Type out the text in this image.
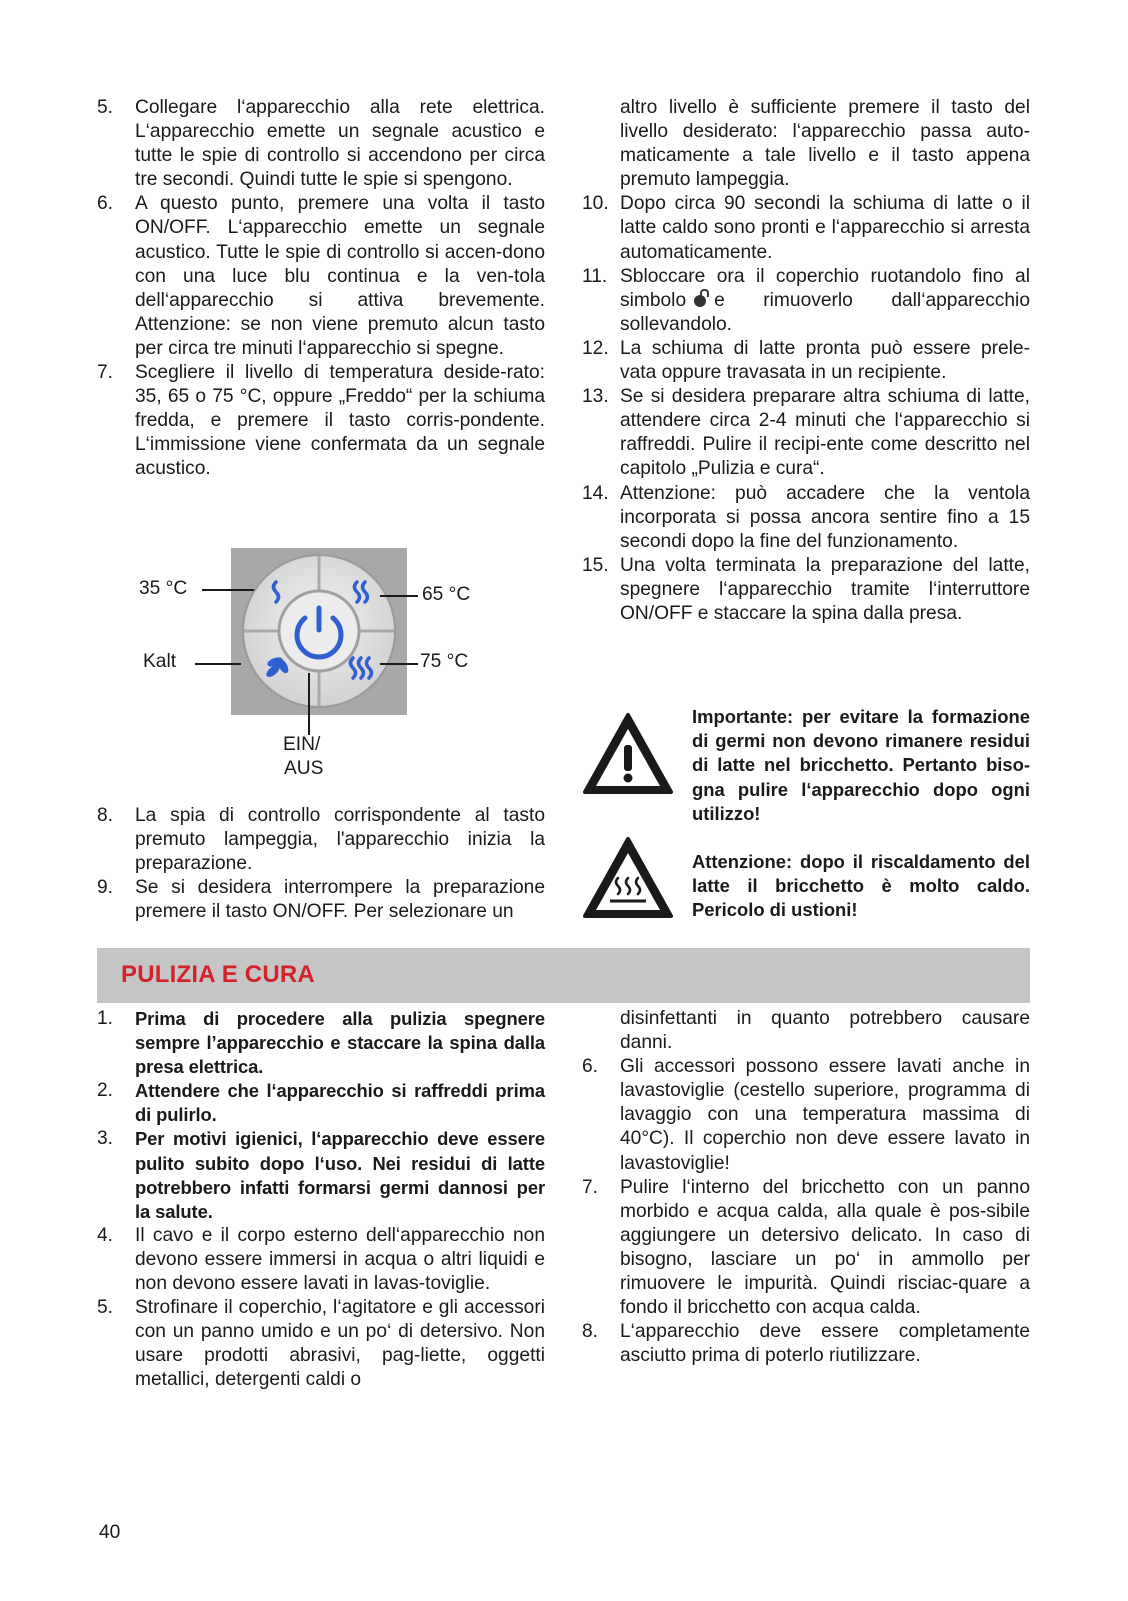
5.	Collegare l‘apparecchio alla rete elettrica. L‘apparecchio emette un segnale acustico e tutte le spie di controllo si accendono per circa tre secondi. Quindi tutte le spie si spengono.
6.	A questo punto, premere una volta il tasto ON/OFF. L‘apparecchio emette un segnale acustico. Tutte le spie di controllo si accen-dono con una luce blu continua e la ven-tola dell‘apparecchio si attiva brevemente. Attenzione: se non viene premuto alcun tasto per circa tre minuti l‘apparecchio si spegne.
7.	Scegliere il livello di temperatura deside-rato: 35, 65 o 75 °C, oppure „Freddo“ per la schiuma fredda, e premere il tasto corris-pondente. L‘immissione viene confermata da un segnale acustico.
35 °C	65 °C
Kalt	75 °C
EIN/
AUS
8.	La spia di controllo corrispondente al tasto premuto lampeggia, l'apparecchio inizia la preparazione.
9.	Se si desidera interrompere la preparazione premere il tasto ON/OFF. Per selezionare un
altro livello è sufficiente premere il tasto del livello desiderato: l‘apparecchio passa auto-maticamente a tale livello e il tasto appena premuto lampeggia.
10. Dopo circa 90 secondi la schiuma di latte o il latte caldo sono pronti e l‘apparecchio si arresta automaticamente.
11. Sbloccare ora il coperchio ruotandolo fino al simbolo e rimuoverlo dall‘apparecchio sollevandolo.
12. La schiuma di latte pronta può essere prele-vata oppure travasata in un recipiente.
13. Se si desidera preparare altra schiuma di latte, attendere circa 2-4 minuti che l‘apparecchio si raffreddi. Pulire il recipi-ente come descritto nel capitolo „Pulizia e cura“.
14. Attenzione: può accadere che la ventola incorporata si possa ancora sentire fino a 15 secondi dopo la fine del funzionamento.
15. Una volta terminata la preparazione del latte, spegnere l‘apparecchio tramite l‘interruttore ON/OFF e staccare la spina dalla presa.
Importante: per evitare la formazione di germi non devono rimanere residui di latte nel bricchetto. Pertanto biso-gna pulire l‘apparecchio dopo ogni utilizzo!
Attenzione: dopo il riscaldamento del latte il bricchetto è molto caldo. Pericolo di ustioni!
PULIZIA E CURA
1.	Prima di procedere alla pulizia spegnere sempre l’apparecchio e staccare la spina dalla presa elettrica.
2.	Attendere che l‘apparecchio si raffreddi prima di pulirlo.
3.	Per motivi igienici, l‘apparecchio deve essere pulito subito dopo l‘uso. Nei residui di latte potrebbero infatti formarsi germi dannosi per la salute.
4.	Il cavo e il corpo esterno dell‘apparecchio non devono essere immersi in acqua o altri liquidi e non devono essere lavati in lavas-toviglie.
5.	Strofinare il coperchio, l‘agitatore e gli accessori con un panno umido e un po‘ di detersivo. Non usare prodotti abrasivi, pag-liette, oggetti metallici, detergenti caldi o
disinfettanti in quanto potrebbero causare danni.
6.	Gli accessori possono essere lavati anche in lavastoviglie (cestello superiore, programma di lavaggio con una temperatura massima di 40°C). Il coperchio non deve essere lavato in lavastoviglie!
7.	Pulire l‘interno del bricchetto con un panno morbido e acqua calda, alla quale è pos-sibile aggiungere un detersivo delicato. In caso di bisogno, lasciare un po‘ in ammollo per rimuovere le impurità. Quindi risciac-quare a fondo il bricchetto con acqua calda.
8.	L‘apparecchio deve essere completamente asciutto prima di poterlo riutilizzare.
40
